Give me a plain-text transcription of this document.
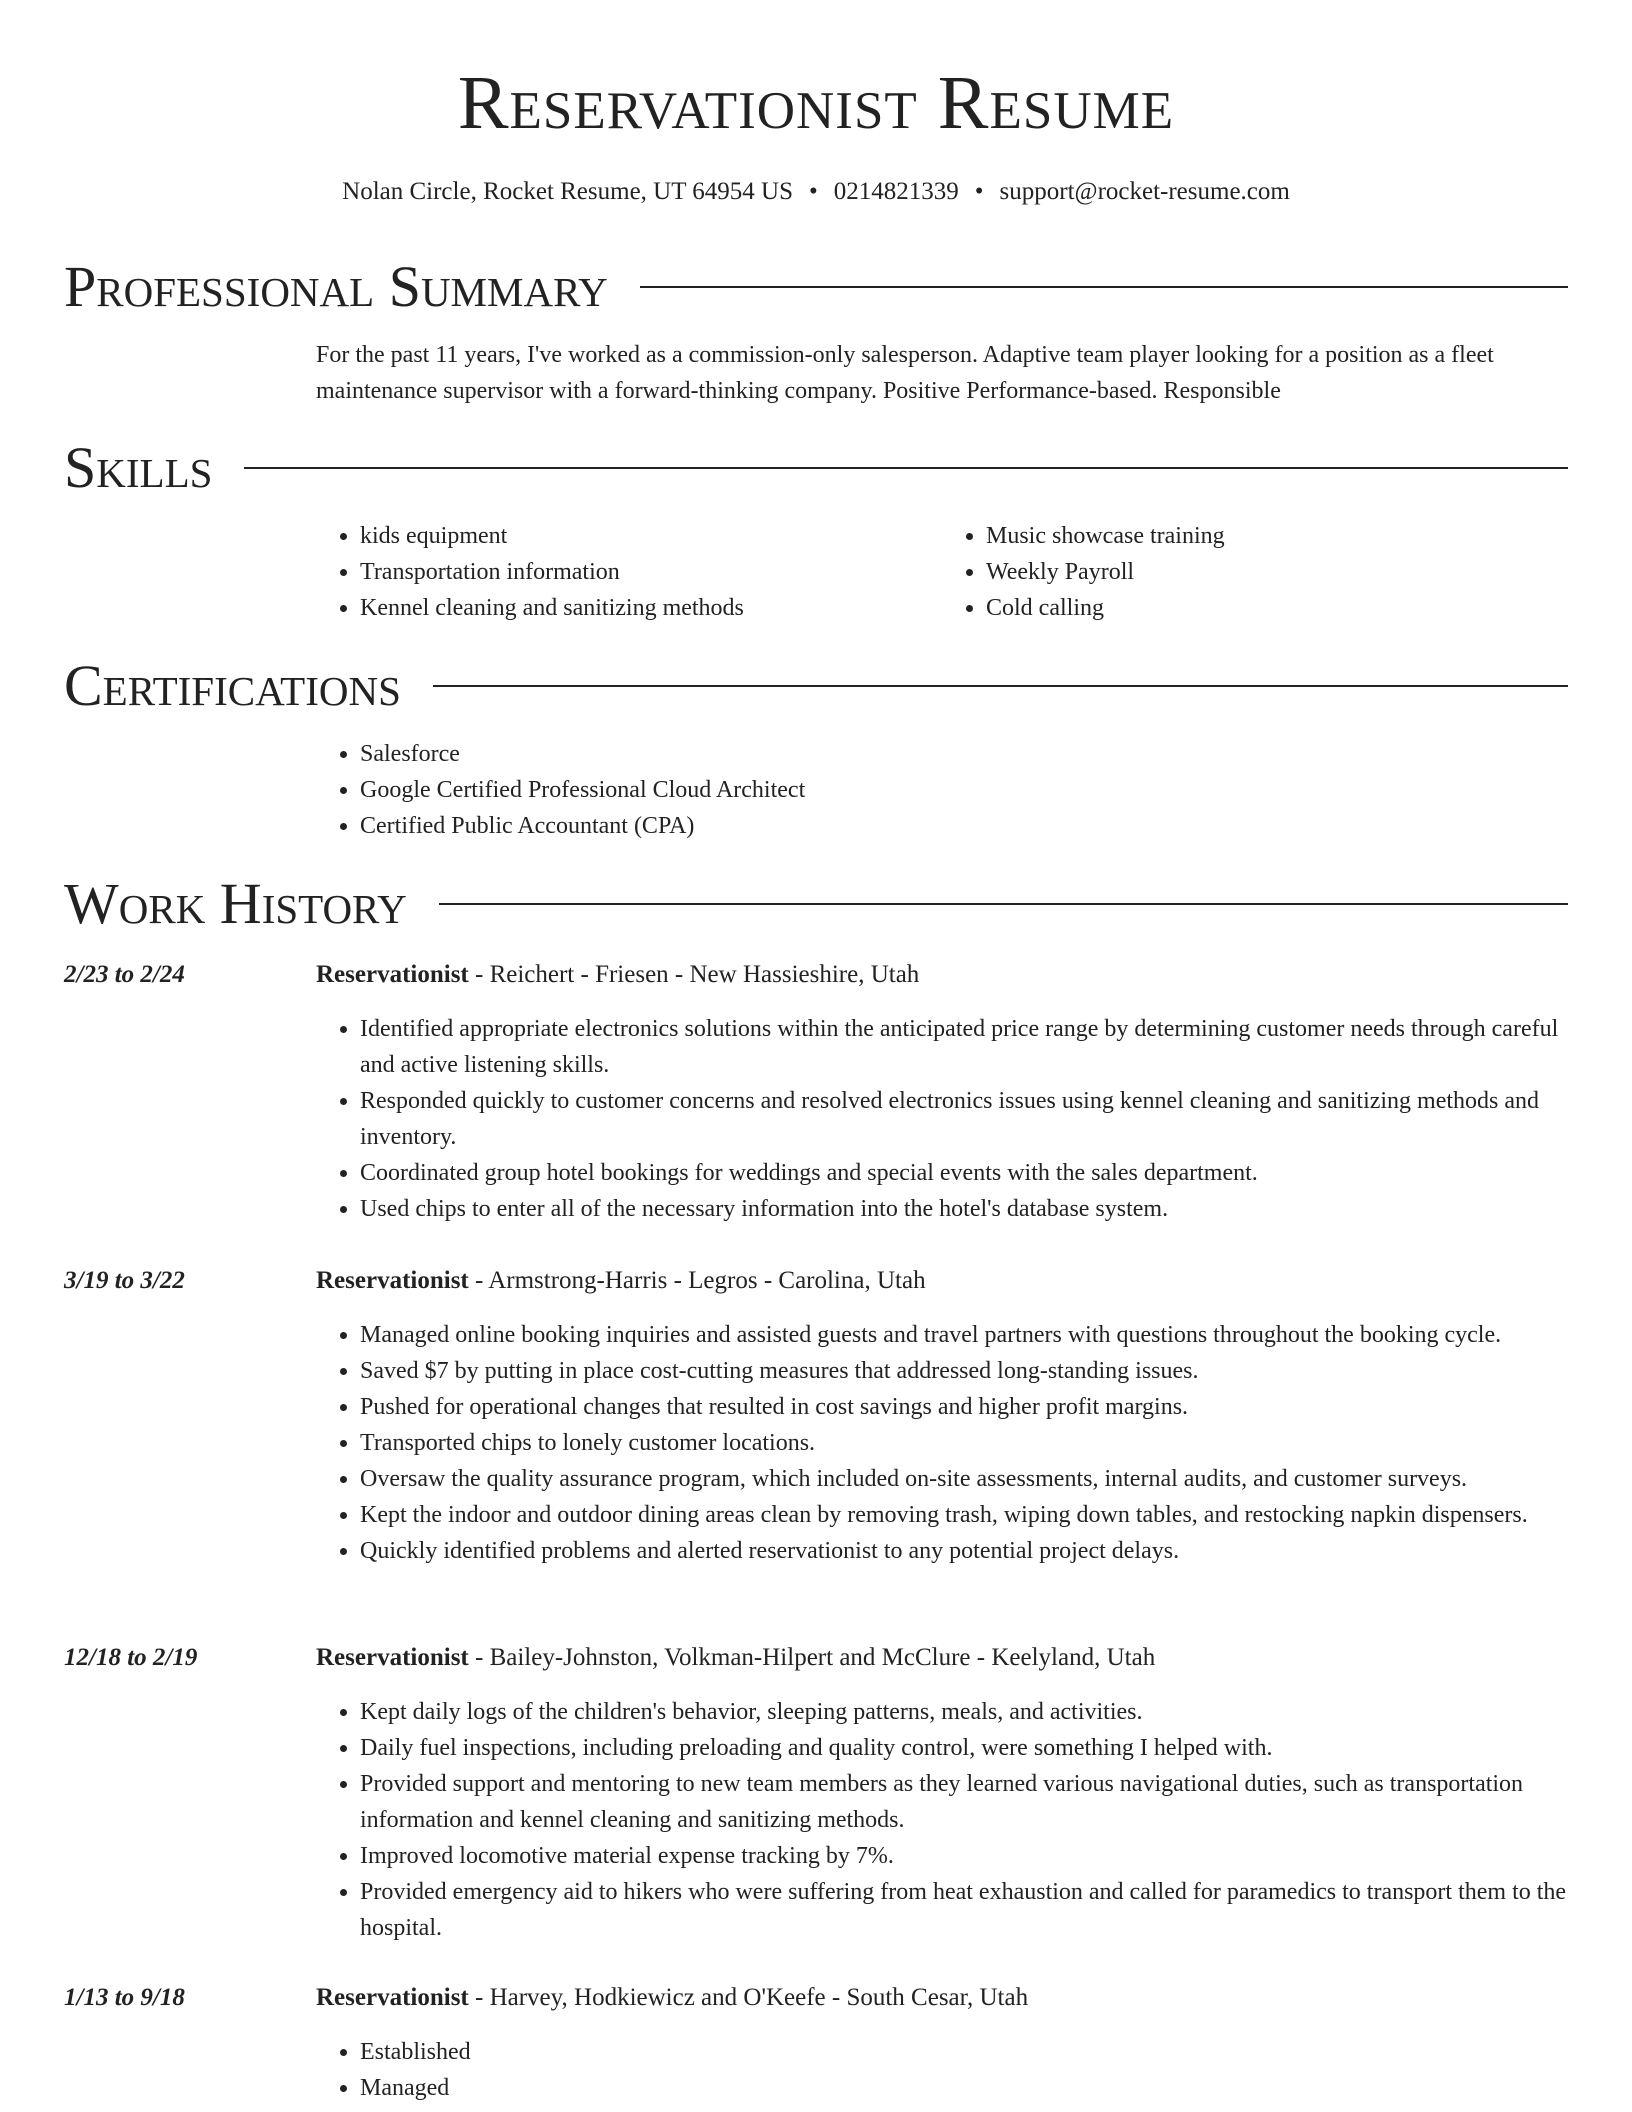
Reservationist Resume
Nolan Circle, Rocket Resume, UT 64954 US • 0214821339 • support@rocket-resume.com
Professional Summary
For the past 11 years, I've worked as a commission-only salesperson. Adaptive team player looking for a position as a fleet maintenance supervisor with a forward-thinking company. Positive Performance-based. Responsible
Skills
• kids equipment
• Transportation information
• Kennel cleaning and sanitizing methods
• Music showcase training
• Weekly Payroll
• Cold calling
Certifications
• Salesforce
• Google Certified Professional Cloud Architect
• Certified Public Accountant (CPA)
Work History
2/23 to 2/24	Reservationist - Reichert - Friesen - New Hassieshire, Utah
• Identified appropriate electronics solutions within the anticipated price range by determining customer needs through careful and active listening skills.
• Responded quickly to customer concerns and resolved electronics issues using kennel cleaning and sanitizing methods and inventory.
• Coordinated group hotel bookings for weddings and special events with the sales department.
• Used chips to enter all of the necessary information into the hotel's database system.
3/19 to 3/22	Reservationist - Armstrong-Harris - Legros - Carolina, Utah
• Managed online booking inquiries and assisted guests and travel partners with questions throughout the booking cycle.
• Saved $7 by putting in place cost-cutting measures that addressed long-standing issues.
• Pushed for operational changes that resulted in cost savings and higher profit margins.
• Transported chips to lonely customer locations.
• Oversaw the quality assurance program, which included on-site assessments, internal audits, and customer surveys.
• Kept the indoor and outdoor dining areas clean by removing trash, wiping down tables, and restocking napkin dispensers.
• Quickly identified problems and alerted reservationist to any potential project delays.
12/18 to 2/19	Reservationist - Bailey-Johnston, Volkman-Hilpert and McClure - Keelyland, Utah
• Kept daily logs of the children's behavior, sleeping patterns, meals, and activities.
• Daily fuel inspections, including preloading and quality control, were something I helped with.
• Provided support and mentoring to new team members as they learned various navigational duties, such as transportation information and kennel cleaning and sanitizing methods.
• Improved locomotive material expense tracking by 7%.
• Provided emergency aid to hikers who were suffering from heat exhaustion and called for paramedics to transport them to the hospital.
1/13 to 9/18	Reservationist - Harvey, Hodkiewicz and O'Keefe - South Cesar, Utah
• Established
• Managed
